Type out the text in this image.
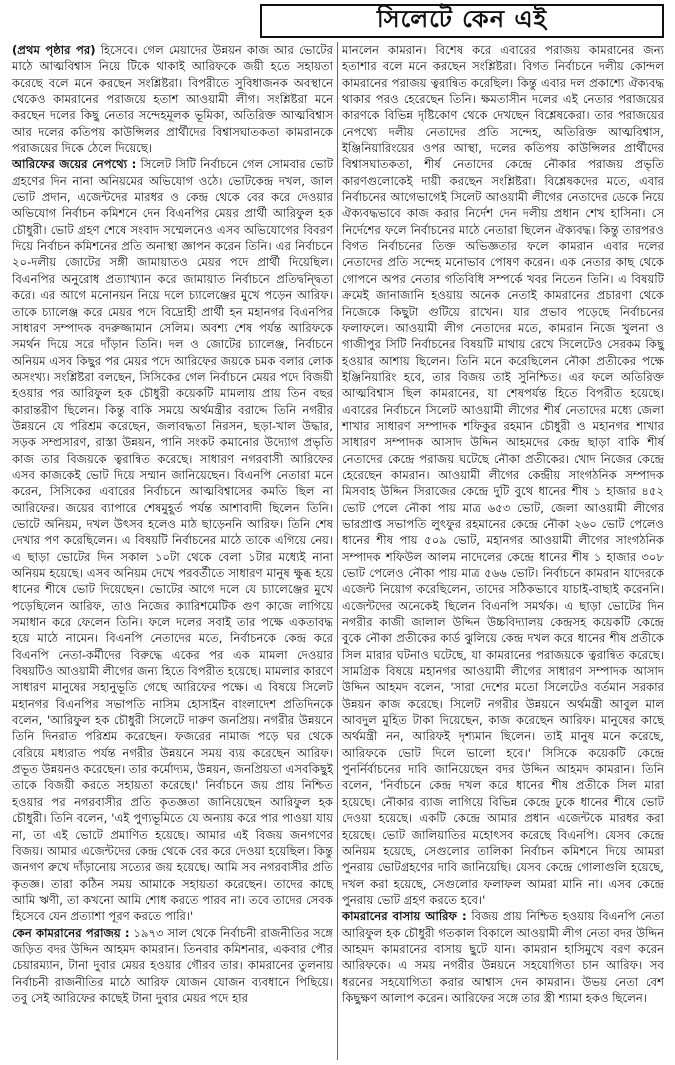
সিলেটে কেন এই

(প্রথম পৃষ্ঠার পর) হিসেবে। গেল মেয়াদের উন্নয়ন কাজ আর ভোটের মাঠে আত্মবিশ্বাস নিয়ে টিকে থাকাই আরিফকে জয়ী হতে সহায়তা করেছে বলে মনে করছেন সংশ্লিষ্টরা। বিপরীতে সুবিধাজনক অবস্থানে থেকেও কামরানের পরাজয়ে হতাশ আওয়ামী লীগ। সংশ্লিষ্টরা মনে করছেন দলের কিছু নেতার সন্দেহমূলক ভূমিকা, অতিরিক্ত আত্মবিশ্বাস আর দলের কতিপয় কাউন্সিলর প্রার্থীদের বিশ্বাসঘাতকতা কামরানকে পরাজয়ের দিকে ঠেলে দিয়েছে।

আরিফের জয়ের নেপথ্যে : সিলেট সিটি নির্বাচনে গেল সোমবার ভোট গ্রহণের দিন নানা অনিয়মের অভিযোগ ওঠে। ভোটকেন্দ্র দখল, জাল ভোট প্রদান, এজেন্টদের মারধর ও কেন্দ্র থেকে বের করে দেওয়ার অভিযোগ নির্বাচন কমিশনে দেন বিএনপির মেয়র প্রার্থী আরিফুল হক চৌধুরী। ভোট গ্রহণ শেষে সংবাদ সম্মেলনেও এসব অভিযোগের বিবরণ দিয়ে নির্বাচন কমিশনের প্রতি অনাস্থা জ্ঞাপন করেন তিনি। এর নির্বাচনে ২০-দলীয় জোটের সঙ্গী জামায়াতও মেয়র পদে প্রার্থী দিয়েছিল। বিএনপির অনুরোধ প্রত্যাখ্যান করে জামায়াত নির্বাচনে প্রতিদ্বন্দ্বিতা করে। এর আগে মনোনয়ন নিয়ে দলে চ্যালেঞ্জের মুখে পড়েন আরিফ। তাকে চ্যালেঞ্জ করে মেয়র পদে বিদ্রোহী প্রার্থী হন মহানগর বিএনপির সাধারণ সম্পাদক বদরুজ্জামান সেলিম। অবশ্য শেষ পর্যন্ত আরিফকে সমর্থন দিয়ে সরে দাঁড়ান তিনি। দল ও জোটের চ্যালেঞ্জ, নির্বাচনে অনিয়ম এসব কিছুর পর মেয়র পদে আরিফের জয়কে চমক বলার লোক অসংখ্য। সংশ্লিষ্টরা বলছেন, সিসিকের গেল নির্বাচনে মেয়র পদে বিজয়ী হওয়ার পর আরিফুল হক চৌধুরী কয়েকটি মামলায় প্রায় তিন বছর কারান্তরীণ ছিলেন। কিন্তু বাকি সময়ে অর্থমন্ত্রীর বরাদ্দে তিনি নগরীর উন্নয়নে যে পরিশ্রম করেছেন, জলাবদ্ধতা নিরসন, ছড়া-খাল উদ্ধার, সড়ক সম্প্রসারণ, রাস্তা উন্নয়ন, পানি সংকট কমানোর উদ্যোগ প্রভৃতি কাজ তার বিজয়কে ত্বরান্বিত করেছে। সাধারণ নগরবাসী আরিফের এসব কাজকেই ভোট দিয়ে সম্মান জানিয়েছেন। বিএনপি নেতারা মনে করেন, সিসিকের এবারের নির্বাচনে আত্মবিশ্বাসের কমতি ছিল না আরিফের। জয়ের ব্যাপারে শেষমুহূর্ত পর্যন্ত আশাবাদী ছিলেন তিনি। ভোটে অনিয়ম, দখল উৎসব হলেও মাঠ ছাড়েননি আরিফ। তিনি শেষ দেখার পণ করেছিলেন। এ বিষয়টি নির্বাচনের মাঠে তাকে এগিয়ে নেয়। এ ছাড়া ভোটের দিন সকাল ১০টা থেকে বেলা ১টার মধ্যেই নানা অনিয়ম হয়েছে। এসব অনিয়ম দেখে পরবর্তীতে সাধারণ মানুষ ক্ষুব্ধ হয়ে ধানের শীষে ভোট দিয়েছেন। ভোটের আগে দলে যে চ্যালেঞ্জের মুখে পড়েছিলেন আরিফ, তাও নিজের ক্যারিশমেটিক গুণ কাজে লাগিয়ে সমাধান করে ফেলেন তিনি। ফলে দলের সবাই তার পক্ষে একতাবদ্ধ হয়ে মাঠে নামেন। বিএনপি নেতাদের মতে, নির্বাচনকে কেন্দ্র করে বিএনপি নেতা-কর্মীদের বিরুদ্ধে একের পর এক মামলা দেওয়ার বিষয়টিও আওয়ামী লীগের জন্য হিতে বিপরীত হয়েছে। মামলার কারণে সাধারণ মানুষের সহানুভূতি গেছে আরিফের পক্ষে। এ বিষয়ে সিলেট মহানগর বিএনপির সভাপতি নাসিম হোসাইন বাংলাদেশ প্রতিদিনকে বলেন, 'আরিফুল হক চৌধুরী সিলেটে দারুণ জনপ্রিয়। নগরীর উন্নয়নে তিনি দিনরাত পরিশ্রম করেছেন। ফজরের নামাজ পড়ে ঘর থেকে বেরিয়ে মধ্যরাত পর্যন্ত নগরীর উন্নয়নে সময় ব্যয় করেছেন আরিফ। প্রভূত উন্নয়নও করেছেন। তার কর্মোদ্যম, উন্নয়ন, জনপ্রিয়তা এসবকিছুই তাকে বিজয়ী করতে সহায়তা করেছে।' নির্বাচনে জয় প্রায় নিশ্চিত হওয়ার পর নগরবাসীর প্রতি কৃতজ্ঞতা জানিয়েছেন আরিফুল হক চৌধুরী। তিনি বলেন, 'এই পুণ্যভূমিতে যে অন্যায় করে পার পাওয়া যায় না, তা এই ভোটে প্রমাণিত হয়েছে। আমার এই বিজয় জনগণের বিজয়। আমার এজেন্টদের কেন্দ্র থেকে বের করে দেওয়া হয়েছিল। কিন্তু জনগণ রুখে দাঁড়ানোয় সত্যের জয় হয়েছে। আমি সব নগরবাসীর প্রতি কৃতজ্ঞ। তারা কঠিন সময় আমাকে সহায়তা করেছেন। তাদের কাছে আমি ঋণী, তা কখনো আমি শোধ করতে পারব না। তবে তাদের সেবক হিসেবে যেন প্রত্যাশা পূরণ করতে পারি।'

কেন কামরানের পরাজয় : ১৯৭৩ সাল থেকে নির্বাচনী রাজনীতির সঙ্গে জড়িত বদর উদ্দিন আহমদ কামরান। তিনবার কমিশনার, একবার পৌর চেয়ারম্যান, টানা দুবার মেয়র হওয়ার গৌরব তার। কামরানের তুলনায় নির্বাচনী রাজনীতির মাঠে আরিফ যোজন যোজন ব্যবধানে পিছিয়ে। তবু সেই আরিফের কাছেই টানা দুবার মেয়র পদে হার

মানলেন কামরান। বিশেষ করে এবারের পরাজয় কামরানের জন্য হতাশার বলে মনে করছেন সংশ্লিষ্টরা। বিগত নির্বাচনে দলীয় কোন্দল কামরানের পরাজয় ত্বরান্বিত করেছিল। কিন্তু এবার দল প্রকাশ্যে ঐক্যবদ্ধ থাকার পরও হেরেছেন তিনি। ক্ষমতাসীন দলের এই নেতার পরাজয়ের কারণকে বিভিন্ন দৃষ্টিকোণ থেকে দেখছেন বিশ্লেষকেরা। তার পরাজয়ের নেপথ্যে দলীয় নেতাদের প্রতি সন্দেহ, অতিরিক্ত আত্মবিশ্বাস, ইঞ্জিনিয়ারিংয়ের ওপর আস্থা, দলের কতিপয় কাউন্সিলর প্রার্থীদের বিশ্বাসঘাতকতা, শীর্ষ নেতাদের কেন্দ্রে নৌকার পরাজয় প্রভৃতি কারণগুলোকেই দায়ী করছেন সংশ্লিষ্টরা। বিশ্লেষকদের মতে, এবার নির্বাচনের আগেভাগেই সিলেট আওয়ামী লীগের নেতাদের ডেকে নিয়ে ঐক্যবদ্ধভাবে কাজ করার নির্দেশ দেন দলীয় প্রধান শেখ হাসিনা। সে নির্দেশের ফলে নির্বাচনের মাঠে নেতারা ছিলেন ঐক্যবদ্ধ। কিন্তু তারপরও বিগত নির্বাচনের তিক্ত অভিজ্ঞতার ফলে কামরান এবার দলের নেতাদের প্রতি সন্দেহ মনোভাব পোষণ করেন। এক নেতার কাছ থেকে গোপনে অপর নেতার গতিবিধি সম্পর্কে খবর নিতেন তিনি। এ বিষয়টি ক্রমেই জানাজানি হওয়ায় অনেক নেতাই কামরানের প্রচারণা থেকে নিজেকে কিছুটা গুটিয়ে রাখেন। যার প্রভাব পড়েছে নির্বাচনের ফলাফলে। আওয়ামী লীগ নেতাদের মতে, কামরান নিজে খুলনা ও গাজীপুর সিটি নির্বাচনের বিষয়টি মাথায় রেখে সিলেটেও সেরকম কিছু হওয়ার আশায় ছিলেন। তিনি মনে করেছিলেন নৌকা প্রতীকের পক্ষে ইঞ্জিনিয়ারিং হবে, তার বিজয় তাই সুনিশ্চিত। এর ফলে অতিরিক্ত আত্মবিশ্বাস ছিল কামরানের, যা শেষপর্যন্ত হিতে বিপরীত হয়েছে। এবারের নির্বাচনে সিলেট আওয়ামী লীগের শীর্ষ নেতাদের মধ্যে জেলা শাখার সাধারণ সম্পাদক শফিকুর রহমান চৌধুরী ও মহানগর শাখার সাধারণ সম্পাদক আসাদ উদ্দিন আহমদের কেন্দ্র ছাড়া বাকি শীর্ষ নেতাদের কেন্দ্রে পরাজয় ঘটেছে নৌকা প্রতীকের। খোদ নিজের কেন্দ্রে হেরেছেন কামরান। আওয়ামী লীগের কেন্দ্রীয় সাংগঠনিক সম্পাদক মিসবাহ উদ্দিন সিরাজের কেন্দ্রে দুটি বুথে ধানের শীষ ১ হাজার ৪৫২ ভোট পেলে নৌকা পায় মাত্র ৬৫৩ ভোট, জেলা আওয়ামী লীগের ভারপ্রাপ্ত সভাপতি লুৎফুর রহমানের কেন্দ্রে নৌকা ২৬০ ভোট পেলেও ধানের শীষ পায় ৫০৯ ভোট, মহানগর আওয়ামী লীগের সাংগঠনিক সম্পাদক শফিউল আলম নাদেলের কেন্দ্রে ধানের শীষ ১ হাজার ৩০৮ ভোট পেলেও নৌকা পায় মাত্র ৫৬৬ ভোট। নির্বাচনে কামরান যাদেরকে এজেন্ট নিয়োগ করেছিলেন, তাদের সঠিকভাবে যাচাই-বাছাই করেননি। এজেন্টদের অনেকেই ছিলেন বিএনপি সমর্থক। এ ছাড়া ভোটের দিন নগরীর কাজী জালাল উদ্দিন উচ্চবিদ্যালয় কেন্দ্রসহ কয়েকটি কেন্দ্রে বুকে নৌকা প্রতীকের কার্ড ঝুলিয়ে কেন্দ্র দখল করে ধানের শীষ প্রতীকে সিল মারার ঘটনাও ঘটেছে, যা কামরানের পরাজয়কে ত্বরান্বিত করেছে। সামগ্রিক বিষয়ে মহানগর আওয়ামী লীগের সাধারণ সম্পাদক আসাদ উদ্দিন আহমদ বলেন, 'সারা দেশের মতো সিলেটেও বর্তমান সরকার উন্নয়ন কাজ করেছে। সিলেট নগরীর উন্নয়নে অর্থমন্ত্রী আবুল মাল আবদুল মুহিত টাকা দিয়েছেন, কাজ করেছেন আরিফ। মানুষের কাছে অর্থমন্ত্রী নন, আরিফই দৃশ্যমান ছিলেন। তাই মানুষ মনে করেছে, আরিফকে ভোট দিলে ভালো হবে।' সিসিকে কয়েকটি কেন্দ্রে পুনর্নির্বাচনের দাবি জানিয়েছেন বদর উদ্দিন আহমদ কামরান। তিনি বলেন, 'নির্বাচনে কেন্দ্র দখল করে ধানের শীষ প্রতীকে সিল মারা হয়েছে। নৌকার ব্যাজ লাগিয়ে বিভিন্ন কেন্দ্রে ঢুকে ধানের শীষে ভোট দেওয়া হয়েছে। একটি কেন্দ্রে আমার প্রধান এজেন্টকে মারধর করা হয়েছে। ভোট জালিয়াতির মহোৎসব করেছে বিএনপি। যেসব কেন্দ্রে অনিয়ম হয়েছে, সেগুলোর তালিকা নির্বাচন কমিশনে দিয়ে আমরা পুনরায় ভোটগ্রহণের দাবি জানিয়েছি। যেসব কেন্দ্রে গোলাগুলি হয়েছে, দখল করা হয়েছে, সেগুলোর ফলাফল আমরা মানি না। এসব কেন্দ্রে পুনরায় ভোট গ্রহণ করতে হবে।'

কামরানের বাসায় আরিফ : বিজয় প্রায় নিশ্চিত হওয়ায় বিএনপি নেতা আরিফুল হক চৌধুরী গতকাল বিকালে আওয়ামী লীগ নেতা বদর উদ্দিন আহমদ কামরানের বাসায় ছুটে যান। কামরান হাসিমুখে বরণ করেন আরিফকে। এ সময় নগরীর উন্নয়নে সহযোগিতা চান আরিফ। সব ধরনের সহযোগিতা করার আশ্বাস দেন কামরান। উভয় নেতা বেশ কিছুক্ষণ আলাপ করেন। আরিফের সঙ্গে তার স্ত্রী শ্যামা হকও ছিলেন।
